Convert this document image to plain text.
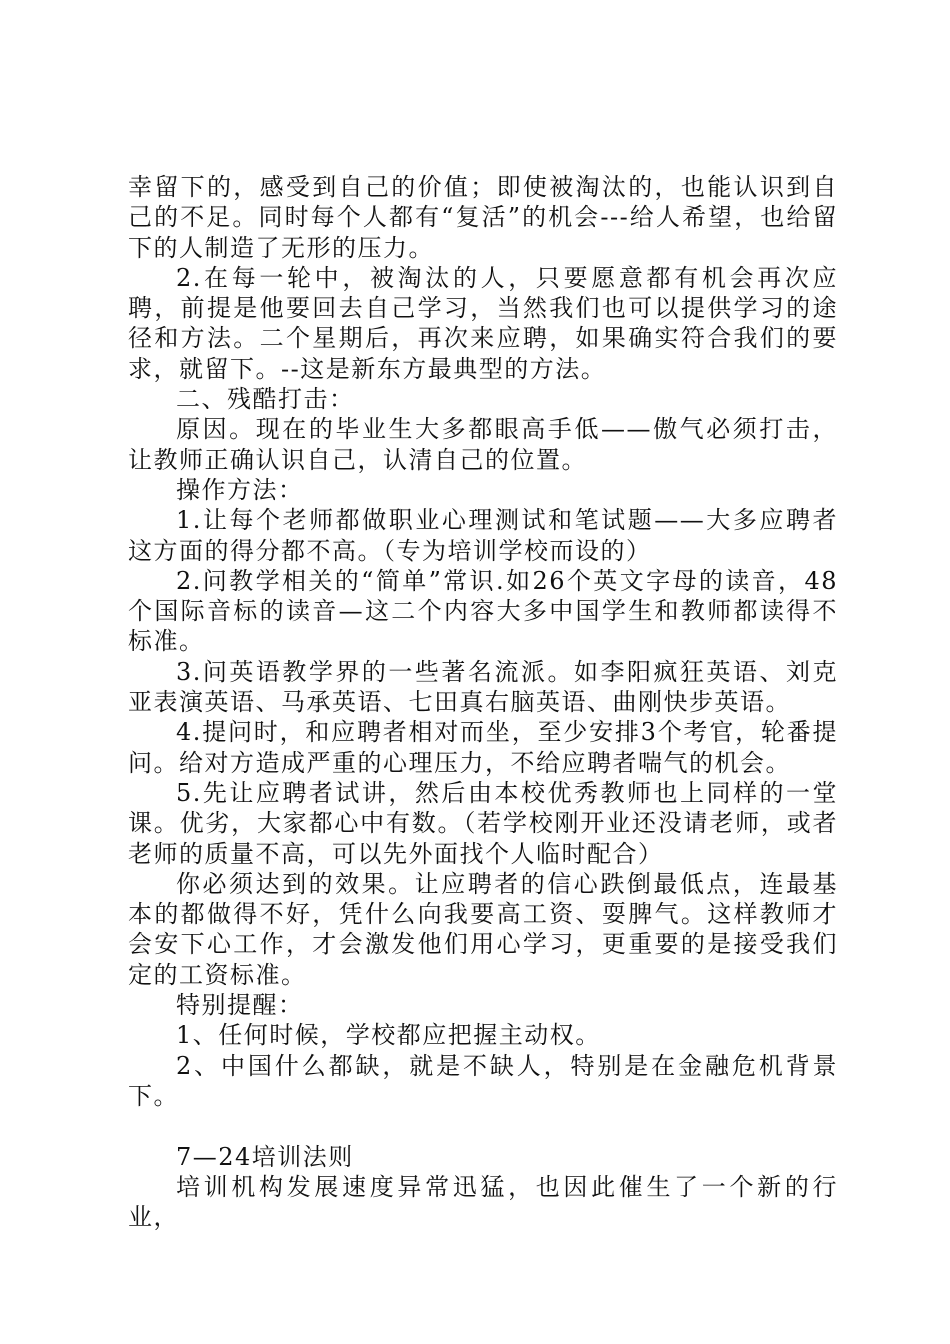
幸留下的，感受到自己的价值；即使被淘汰的，也能认识到自己的不足。同时每个人都有“复活”的机会---给人希望，也给留下的人制造了无形的压力。

2.在每一轮中，被淘汰的人，只要愿意都有机会再次应聘，前提是他要回去自己学习，当然我们也可以提供学习的途径和方法。二个星期后，再次来应聘，如果确实符合我们的要求，就留下。--这是新东方最典型的方法。

二、残酷打击：

原因。现在的毕业生大多都眼高手低——傲气必须打击，让教师正确认识自己，认清自己的位置。

操作方法：

1.让每个老师都做职业心理测试和笔试题——大多应聘者这方面的得分都不高。（专为培训学校而设的）

2.问教学相关的“简单”常识.如26个英文字母的读音，48个国际音标的读音—这二个内容大多中国学生和教师都读得不标准。

3.问英语教学界的一些著名流派。如李阳疯狂英语、刘克亚表演英语、马承英语、七田真右脑英语、曲刚快步英语。

4.提问时，和应聘者相对而坐，至少安排3个考官，轮番提问。给对方造成严重的心理压力，不给应聘者喘气的机会。

5.先让应聘者试讲，然后由本校优秀教师也上同样的一堂课。优劣，大家都心中有数。（若学校刚开业还没请老师，或者老师的质量不高，可以先外面找个人临时配合）

你必须达到的效果。让应聘者的信心跌倒最低点，连最基本的都做得不好，凭什么向我要高工资、耍脾气。这样教师才会安下心工作，才会激发他们用心学习，更重要的是接受我们定的工资标准。

特别提醒：

1、任何时候，学校都应把握主动权。

2、中国什么都缺，就是不缺人，特别是在金融危机背景下。

7—24培训法则

培训机构发展速度异常迅猛，也因此催生了一个新的行业，
